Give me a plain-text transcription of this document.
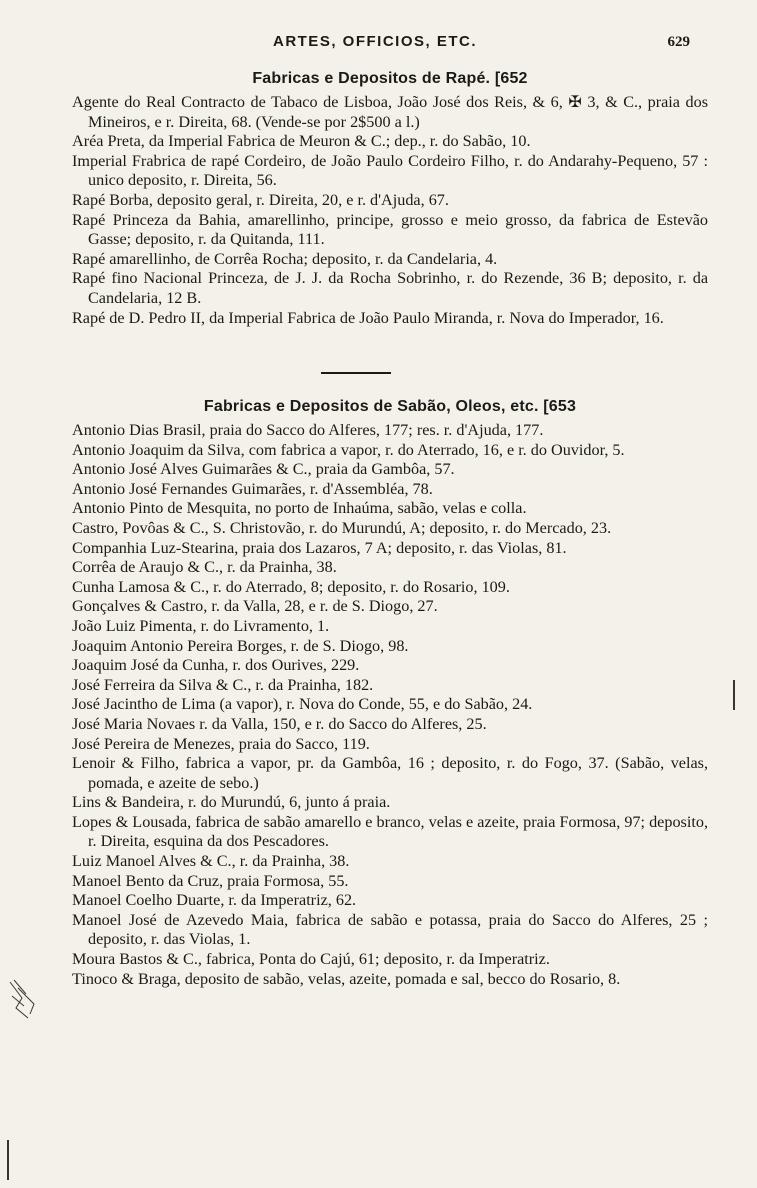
ARTES, OFFICIOS, ETC.	629
Fabricas e Depositos de Rapé. [652
Agente do Real Contracto de Tabaco de Lisboa, João José dos Reis, & 6, ✠ 3, & C., praia dos Mineiros, e r. Direita, 68. (Vende-se por 2$500 a l.)
Aréa Preta, da Imperial Fabrica de Meuron & C.; dep., r. do Sabão, 10.
Imperial Frabrica de rapé Cordeiro, de João Paulo Cordeiro Filho, r. do Andarahy-Pequeno, 57 : unico deposito, r. Direita, 56.
Rapé Borba, deposito geral, r. Direita, 20, e r. d'Ajuda, 67.
Rapé Princeza da Bahia, amarellinho, principe, grosso e meio grosso, da fabrica de Estevão Gasse; deposito, r. da Quitanda, 111.
Rapé amarellinho, de Corrêa Rocha; deposito, r. da Candelaria, 4.
Rapé fino Nacional Princeza, de J. J. da Rocha Sobrinho, r. do Rezende, 36 B; deposito, r. da Candelaria, 12 B.
Rapé de D. Pedro II, da Imperial Fabrica de João Paulo Miranda, r. Nova do Imperador, 16.
Fabricas e Depositos de Sabão, Oleos, etc. [653
Antonio Dias Brasil, praia do Sacco do Alferes, 177; res. r. d'Ajuda, 177.
Antonio Joaquim da Silva, com fabrica a vapor, r. do Aterrado, 16, e r. do Ouvidor, 5.
Antonio José Alves Guimarães & C., praia da Gambôa, 57.
Antonio José Fernandes Guimarães, r. d'Assembléa, 78.
Antonio Pinto de Mesquita, no porto de Inhaúma, sabão, velas e colla.
Castro, Povôas & C., S. Christovão, r. do Murundú, A; deposito, r. do Mercado, 23.
Companhia Luz-Stearina, praia dos Lazaros, 7 A; deposito, r. das Violas, 81.
Corrêa de Araujo & C., r. da Prainha, 38.
Cunha Lamosa & C., r. do Aterrado, 8; deposito, r. do Rosario, 109.
Gonçalves & Castro, r. da Valla, 28, e r. de S. Diogo, 27.
João Luiz Pimenta, r. do Livramento, 1.
Joaquim Antonio Pereira Borges, r. de S. Diogo, 98.
Joaquim José da Cunha, r. dos Ourives, 229.
José Ferreira da Silva & C., r. da Prainha, 182.
José Jacintho de Lima (a vapor), r. Nova do Conde, 55, e do Sabão, 24.
José Maria Novaes r. da Valla, 150, e r. do Sacco do Alferes, 25.
José Pereira de Menezes, praia do Sacco, 119.
Lenoir & Filho, fabrica a vapor, pr. da Gambôa, 16 ; deposito, r. do Fogo, 37. (Sabão, velas, pomada, e azeite de sebo.)
Lins & Bandeira, r. do Murundú, 6, junto á praia.
Lopes & Lousada, fabrica de sabão amarello e branco, velas e azeite, praia Formosa, 97; deposito, r. Direita, esquina da dos Pescadores.
Luiz Manoel Alves & C., r. da Prainha, 38.
Manoel Bento da Cruz, praia Formosa, 55.
Manoel Coelho Duarte, r. da Imperatriz, 62.
Manoel José de Azevedo Maia, fabrica de sabão e potassa, praia do Sacco do Alferes, 25 ; deposito, r. das Violas, 1.
Moura Bastos & C., fabrica, Ponta do Cajú, 61; deposito, r. da Imperatriz.
Tinoco & Braga, deposito de sabão, velas, azeite, pomada e sal, becco do Rosario, 8.
